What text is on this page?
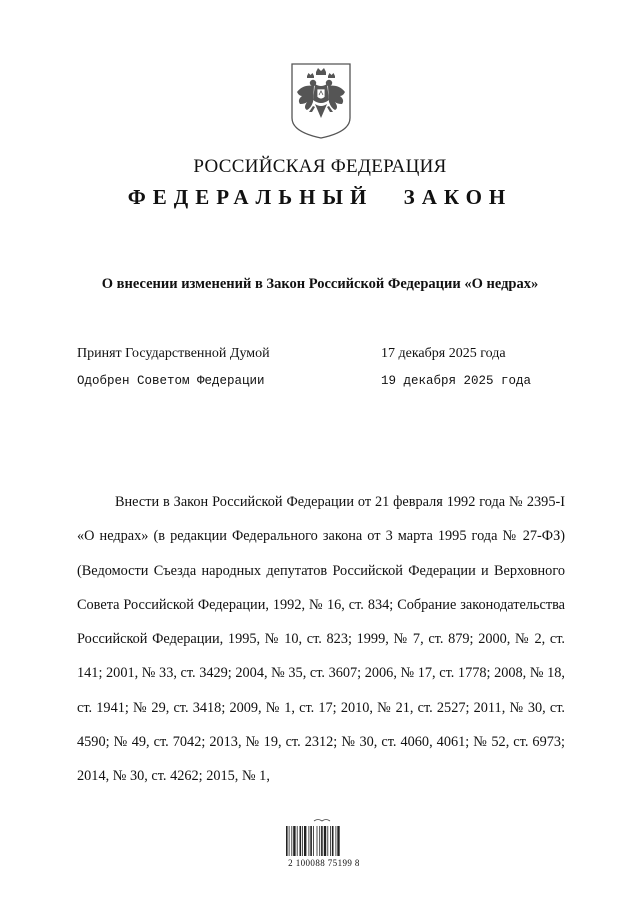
РОССИЙСКАЯ ФЕДЕРАЦИЯ
ФЕДЕРАЛЬНЫЙ ЗАКОН
О внесении изменений в Закон Российской Федерации «О недрах»
Принят Государственной Думой	17 декабря 2025 года
Одобрен Советом Федерации	19 декабря 2025 года

Внести в Закон Российской Федерации от 21 февраля 1992 года № 2395-I «О недрах» (в редакции Федерального закона от 3 марта 1995 года № 27-ФЗ) (Ведомости Съезда народных депутатов Российской Федерации и Верховного Совета Российской Федерации, 1992, № 16, ст. 834; Собрание законодательства Российской Федерации, 1995, № 10, ст. 823; 1999, № 7, ст. 879; 2000, № 2, ст. 141; 2001, № 33, ст. 3429; 2004, № 35, ст. 3607; 2006, № 17, ст. 1778; 2008, № 18, ст. 1941; № 29, ст. 3418; 2009, № 1, ст. 17; 2010, № 21, ст. 2527; 2011, № 30, ст. 4590; № 49, ст. 7042; 2013, № 19, ст. 2312; № 30, ст. 4060, 4061; № 52, ст. 6973; 2014, № 30, ст. 4262; 2015, № 1,

2 100088 75199 8
